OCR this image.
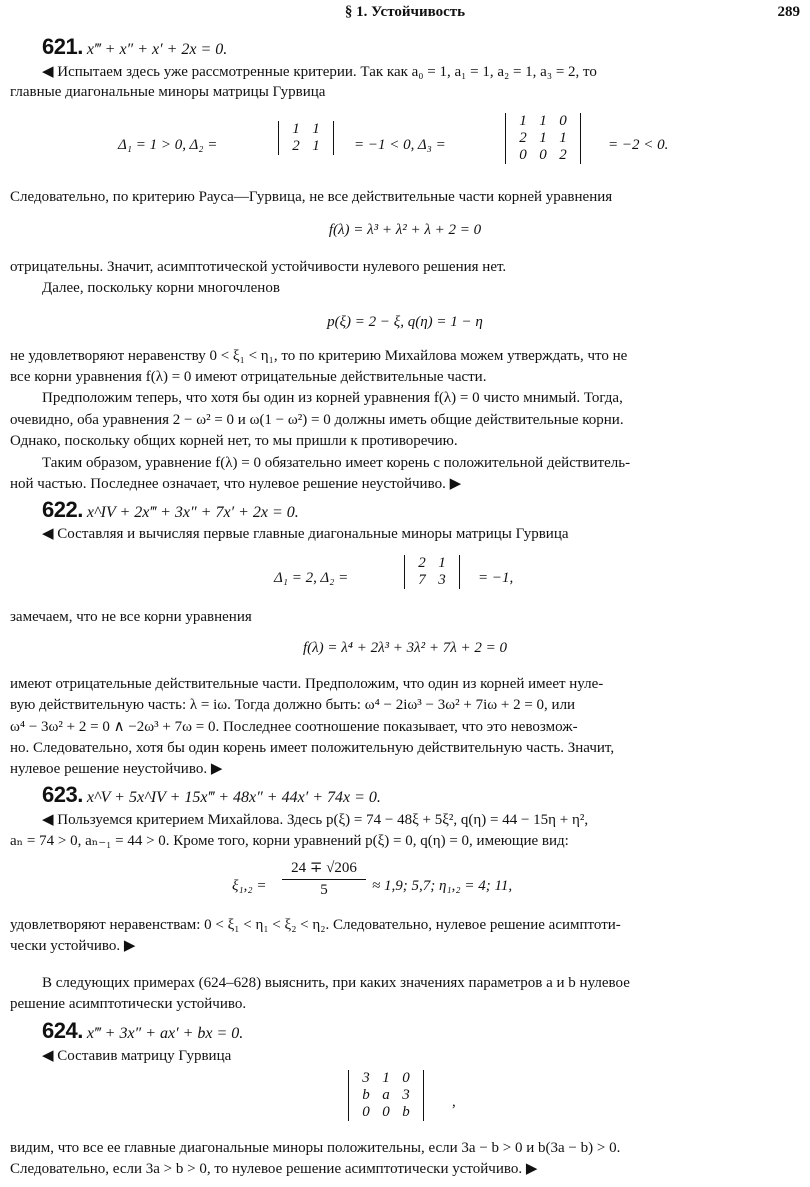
§ 1. Устойчивость	289
621. x‴ + x″ + x′ + 2x = 0.
◀ Испытаем здесь уже рассмотренные критерии. Так как a₀ = 1, a₁ = 1, a₂ = 1, a₃ = 2, то
главные диагональные миноры матрицы Гурвица
Δ₁ = 1 > 0, Δ₂ =
1 1
2 1	= −1 < 0, Δ₃ =
1 1 0
2 1 1
0 0 2
= −2 < 0.
Следовательно, по критерию Рауса—Гурвица, не все действительные части корней уравнения
f(λ) = λ³ + λ² + λ + 2 = 0
отрицательны. Значит, асимптотической устойчивости нулевого решения нет.
Далее, поскольку корни многочленов
p(ξ) = 2 − ξ, q(η) = 1 − η
не удовлетворяют неравенству 0 < ξ₁ < η₁, то по критерию Михайлова можем утверждать, что не
все корни уравнения f(λ) = 0 имеют отрицательные действительные части.
Предположим теперь, что хотя бы один из корней уравнения f(λ) = 0 чисто мнимый. Тогда,
очевидно, оба уравнения 2 − ω² = 0 и ω(1 − ω²) = 0 должны иметь общие действительные корни.
Однако, поскольку общих корней нет, то мы пришли к противоречию.
Таким образом, уравнение f(λ) = 0 обязательно имеет корень с положительной действитель-
ной частью. Последнее означает, что нулевое решение неустойчиво. ▶
622. x^IV + 2x‴ + 3x″ + 7x′ + 2x = 0.
◀ Составляя и вычисляя первые главные диагональные миноры матрицы Гурвица
Δ₁ = 2, Δ₂ =
2 1
7 3	= −1,
замечаем, что не все корни уравнения
f(λ) = λ⁴ + 2λ³ + 3λ² + 7λ + 2 = 0
имеют отрицательные действительные части. Предположим, что один из корней имеет нуле-
вую действительную часть: λ = iω. Тогда должно быть: ω⁴ − 2iω³ − 3ω² + 7iω + 2 = 0, или
ω⁴ − 3ω² + 2 = 0 ∧ −2ω³ + 7ω = 0. Последнее соотношение показывает, что это невозмож-
но. Следовательно, хотя бы один корень имеет положительную действительную часть. Значит,
нулевое решение неустойчиво. ▶
623. x^V + 5x^IV + 15x‴ + 48x″ + 44x′ + 74x = 0.
◀ Пользуемся критерием Михайлова. Здесь p(ξ) = 74 − 48ξ + 5ξ², q(η) = 44 − 15η + η²,
aₙ = 74 > 0, aₙ₋₁ = 44 > 0. Кроме того, корни уравнений p(ξ) = 0, q(η) = 0, имеющие вид:
$\xi_1,_2 = \frac{24 \mp √206}{5} \approx 1,9$; 5,7; η₁,₂ = 4; 11,
удовлетворяют неравенствам: 0 < ξ₁ < η₁ < ξ₂ < η₂. Следовательно, нулевое решение асимптоти-
чески устойчиво. ▶
В следующих примерах (624–628) выяснить, при каких значениях параметров a и b нулевое
решение асимптотически устойчиво.
624. x‴ + 3x″ + ax′ + bx = 0.
◀ Составив матрицу Гурвица
3 1 0
b a 3
0 0 b
,
видим, что все ее главные диагональные миноры положительны, если 3a − b > 0 и b(3a − b) > 0.
Следовательно, если 3a > b > 0, то нулевое решение асимптотически устойчиво. ▶
